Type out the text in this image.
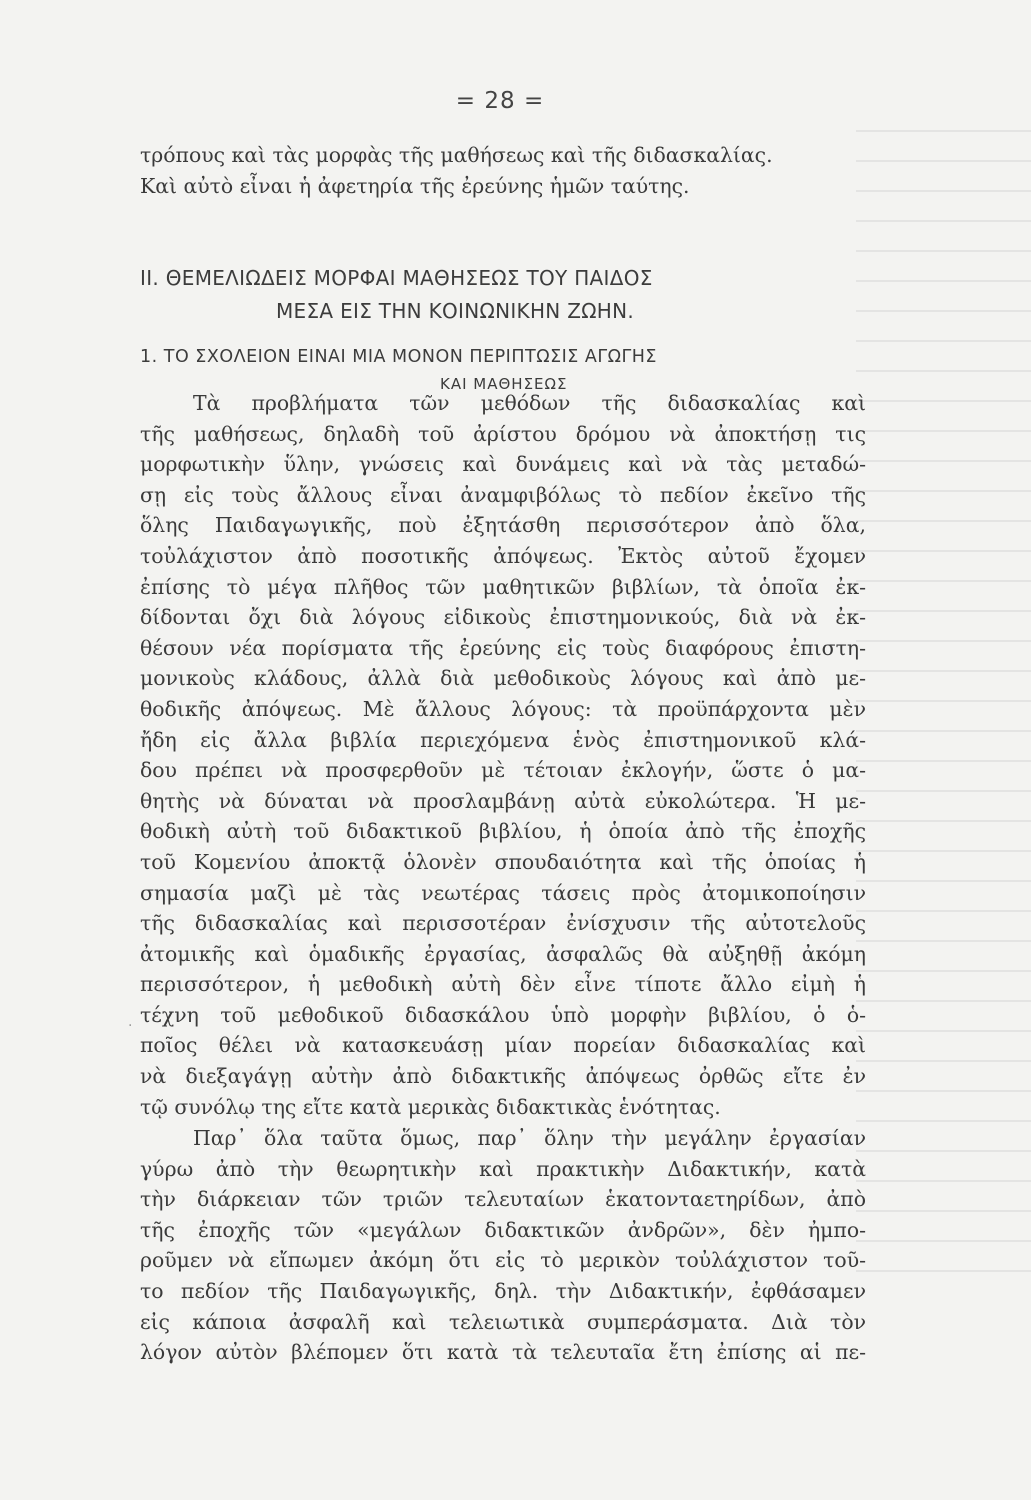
= 28 =
τρόπους καὶ τὰς μορφὰς τῆς μαθήσεως καὶ τῆς διδασκαλίας.
Καὶ αὐτὸ εἶναι ἡ ἀφετηρία τῆς ἐρεύνης ἡμῶν ταύτης.
ΙΙ. ΘΕΜΕΛΙΩΔΕΙΣ ΜΟΡΦΑΙ ΜΑΘΗΣΕΩΣ ΤΟΥ ΠΑΙΔΟΣ
ΜΕΣΑ ΕΙΣ ΤΗΝ ΚΟΙΝΩΝΙΚΗΝ ΖΩΗΝ.
1. ΤΟ ΣΧΟΛΕΙΟΝ ΕΙΝΑΙ ΜΙΑ ΜΟΝΟΝ ΠΕΡΙΠΤΩΣΙΣ ΑΓΩΓΗΣ
ΚΑΙ ΜΑΘΗΣΕΩΣ
Τὰ προβλήματα τῶν μεθόδων τῆς διδασκαλίας καὶ
τῆς μαθήσεως, δηλαδὴ τοῦ ἀρίστου δρόμου νὰ ἀποκτήσῃ τις
μορφωτικὴν ὕλην, γνώσεις καὶ δυνάμεις καὶ νὰ τὰς μεταδώ-
σῃ εἰς τοὺς ἄλλους εἶναι ἀναμφιβόλως τὸ πεδίον ἐκεῖνο τῆς
ὅλης Παιδαγωγικῆς, ποὺ ἐξητάσθη περισσότερον ἀπὸ ὅλα,
τοὐλάχιστον ἀπὸ ποσοτικῆς ἀπόψεως. Ἐκτὸς αὐτοῦ ἔχομεν
ἐπίσης τὸ μέγα πλῆθος τῶν μαθητικῶν βιβλίων, τὰ ὁποῖα ἐκ-
δίδονται ὄχι διὰ λόγους εἰδικοὺς ἐπιστημονικούς, διὰ νὰ ἐκ-
θέσουν νέα πορίσματα τῆς ἐρεύνης εἰς τοὺς διαφόρους ἐπιστη-
μονικοὺς κλάδους, ἀλλὰ διὰ μεθοδικοὺς λόγους καὶ ἀπὸ με-
θοδικῆς ἀπόψεως. Μὲ ἄλλους λόγους: τὰ προϋπάρχοντα μὲν
ἤδη εἰς ἄλλα βιβλία περιεχόμενα ἑνὸς ἐπιστημονικοῦ κλά-
δου πρέπει νὰ προσφερθοῦν μὲ τέτοιαν ἐκλογήν, ὥστε ὁ μα-
θητὴς νὰ δύναται νὰ προσλαμβάνῃ αὐτὰ εὐκολώτερα. Ἡ με-
θοδικὴ αὐτὴ τοῦ διδακτικοῦ βιβλίου, ἡ ὁποία ἀπὸ τῆς ἐποχῆς
τοῦ Κομενίου ἀποκτᾷ ὁλονὲν σπουδαιότητα καὶ τῆς ὁποίας ἡ
σημασία μαζὶ μὲ τὰς νεωτέρας τάσεις πρὸς ἀτομικοποίησιν
τῆς διδασκαλίας καὶ περισσοτέραν ἐνίσχυσιν τῆς αὐτοτελοῦς
ἀτομικῆς καὶ ὁμαδικῆς ἐργασίας, ἀσφαλῶς θὰ αὐξηθῇ ἀκόμη
περισσότερον, ἡ μεθοδικὴ αὐτὴ δὲν εἶνε τίποτε ἄλλο εἰμὴ ἡ
τέχνη τοῦ μεθοδικοῦ διδασκάλου ὑπὸ μορφὴν βιβλίου, ὁ ὁ-
ποῖος θέλει νὰ κατασκευάσῃ μίαν πορείαν διδασκαλίας καὶ
νὰ διεξαγάγῃ αὐτὴν ἀπὸ διδακτικῆς ἀπόψεως ὀρθῶς εἴτε ἐν
τῷ συνόλῳ της εἴτε κατὰ μερικὰς διδακτικὰς ἑνότητας.
Παρ᾽ ὅλα ταῦτα ὅμως, παρ᾽ ὅλην τὴν μεγάλην ἐργασίαν
γύρω ἀπὸ τὴν θεωρητικὴν καὶ πρακτικὴν Διδακτικήν, κατὰ
τὴν διάρκειαν τῶν τριῶν τελευταίων ἑκατονταετηρίδων, ἀπὸ
τῆς ἐποχῆς τῶν «μεγάλων διδακτικῶν ἀνδρῶν», δὲν ἠμπο-
ροῦμεν νὰ εἴπωμεν ἀκόμη ὅτι εἰς τὸ μερικὸν τοὐλάχιστον τοῦ-
το πεδίον τῆς Παιδαγωγικῆς, δηλ. τὴν Διδακτικήν, ἐφθάσαμεν
εἰς κάποια ἀσφαλῆ καὶ τελειωτικὰ συμπεράσματα. Διὰ τὸν
λόγον αὐτὸν βλέπομεν ὅτι κατὰ τὰ τελευταῖα ἔτη ἐπίσης αἱ πε-
·
